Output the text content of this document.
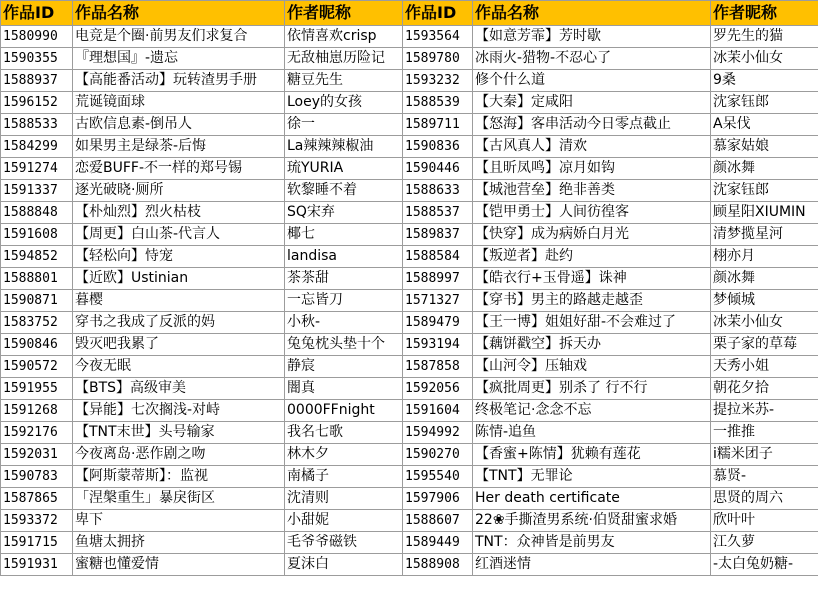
作品ID	作品名称	作者昵称	作品ID	作品名称	作者昵称
1580990	电竞是个圈·前男友们求复合	依情喜欢crisp	1593564	【如意芳霏】芳时歇	罗先生的猫
1590355	『理想国』-遗忘	无敌柚崽历险记	1589780	冰雨火-猎物-不忍心了	冰茉小仙女
1588937	【高能番活动】玩转渣男手册	糖豆先生	1593232	修个什么道	9桑
1596152	荒诞镜面球	Loey的女孩	1588539	【大秦】定咸阳	沈家钰郎
1588533	古欧信息素-倒吊人	徐一	1589711	【怒海】客串活动今日零点截止	A呆伐
1584299	如果男主是绿茶-后悔	La辣辣辣椒油	1590836	【古风真人】清欢	慕家姑娘
1591274	恋爱BUFF-不一样的郑号锡	琉YURIA	1590446	【且昕凤鸣】凉月如钩	颜冰舞
1591337	逐光破晓·厕所	软黎睡不着	1588633	【城池营垒】绝非善类	沈家钰郎
1588848	【朴灿烈】烈火枯枝	SQ宋弃	1588537	【铠甲勇士】人间彷徨客	顾星阳XIUMIN
1591608	【周更】白山茶-代言人	椰七	1589837	【快穿】成为病娇白月光	清梦揽星河
1594852	【轻松向】恃宠	landisa	1588584	【叛逆者】赴约	栩亦月
1588801	【近欧】Ustinian	茶茶甜	1588997	【皓衣行+玉骨遥】诛神	颜冰舞
1590871	暮樱	一忘皆刀	1571327	【穿书】男主的路越走越歪	梦倾城
1583752	穿书之我成了反派的妈	小秋-	1589479	【王一博】姐姐好甜-不会难过了	冰茉小仙女
1590846	毁灭吧我累了	兔兔枕头垫十个	1593194	【藕饼戳空】拆天办	栗子家的草莓
1590572	今夜无眠	静宸	1587858	【山河令】压轴戏	天秀小姐
1591955	【BTS】高级审美	闇真	1592056	【疯批周更】别杀了 行不行	朝花夕拾
1591268	【异能】七次搁浅-对峙	0000FFnight	1591604	终极笔记·念念不忘	提拉米苏-
1592176	【TNT末世】头号输家	我名七歌	1594992	陈情-追鱼	一推推
1592031	今夜离岛·恶作剧之吻	林木夕	1590270	【香蜜+陈情】犹赖有莲花	i糯米团子
1590783	【阿斯蒙蒂斯】：监视	南橘子	1595540	【TNT】无罪论	慕贤-
1587865	「涅槃重生」暴戾街区	沈清则	1597906	Her death certificate	思贤的周六
1593372	卑下	小甜妮	1588607	22❀手撕渣男系统·伯贤甜蜜求婚	欣叶叶
1591715	鱼塘太拥挤	毛爷爷磁铁	1589449	TNT：众神皆是前男友	江久萝
1591931	蜜糖也懂爱情	夏沫白	1588908	红酒迷情	-太白兔奶糖-
